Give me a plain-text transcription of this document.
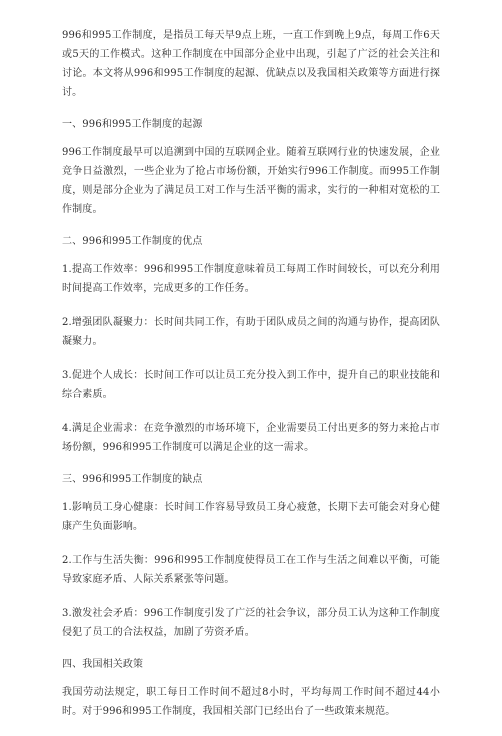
996和995工作制度，是指员工每天早9点上班，一直工作到晚上9点，每周工作6天或5天的工作模式。这种工作制度在中国部分企业中出现，引起了广泛的社会关注和讨论。本文将从996和995工作制度的起源、优缺点以及我国相关政策等方面进行探讨。

一、996和995工作制度的起源

996工作制度最早可以追溯到中国的互联网企业。随着互联网行业的快速发展，企业竞争日益激烈，一些企业为了抢占市场份额，开始实行996工作制度。而995工作制度，则是部分企业为了满足员工对工作与生活平衡的需求，实行的一种相对宽松的工作制度。

二、996和995工作制度的优点

1.提高工作效率：996和995工作制度意味着员工每周工作时间较长，可以充分利用时间提高工作效率，完成更多的工作任务。

2.增强团队凝聚力：长时间共同工作，有助于团队成员之间的沟通与协作，提高团队凝聚力。

3.促进个人成长：长时间工作可以让员工充分投入到工作中，提升自己的职业技能和综合素质。

4.满足企业需求：在竞争激烈的市场环境下，企业需要员工付出更多的努力来抢占市场份额，996和995工作制度可以满足企业的这一需求。

三、996和995工作制度的缺点

1.影响员工身心健康：长时间工作容易导致员工身心疲惫，长期下去可能会对身心健康产生负面影响。

2.工作与生活失衡：996和995工作制度使得员工在工作与生活之间难以平衡，可能导致家庭矛盾、人际关系紧张等问题。

3.激发社会矛盾：996工作制度引发了广泛的社会争议，部分员工认为这种工作制度侵犯了员工的合法权益，加剧了劳资矛盾。

四、我国相关政策

我国劳动法规定，职工每日工作时间不超过8小时，平均每周工作时间不超过44小时。对于996和995工作制度，我国相关部门已经出台了一些政策来规范。
